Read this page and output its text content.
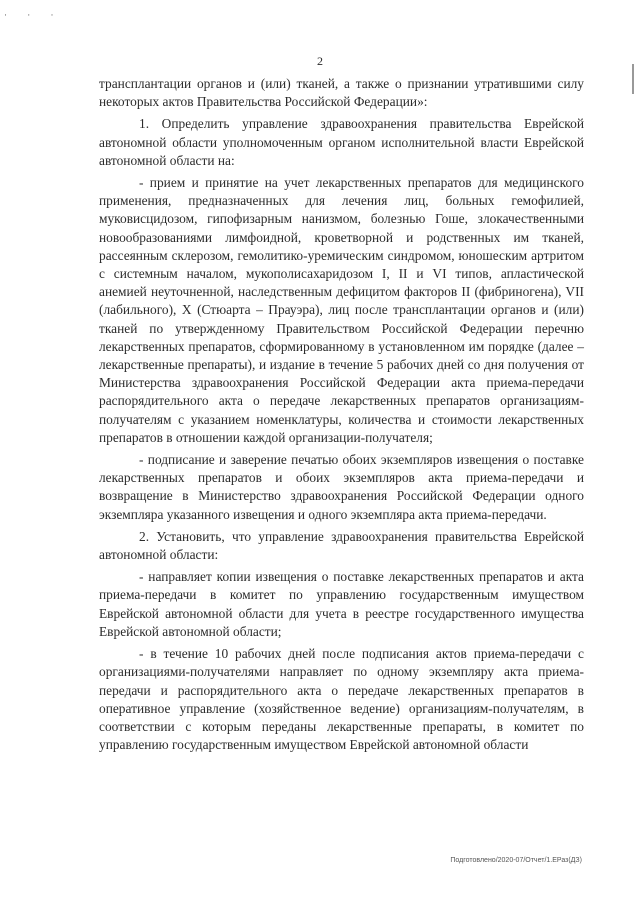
· · ·
2

трансплантации органов и (или) тканей, а также о признании утратившими силу некоторых актов Правительства Российской Федерации»:

1. Определить управление здравоохранения правительства Еврейской автономной области уполномоченным органом исполнительной власти Еврейской автономной области на:

- прием и принятие на учет лекарственных препаратов для медицинского применения, предназначенных для лечения лиц, больных гемофилией, муковисцидозом, гипофизарным нанизмом, болезнью Гоше, злокачественными новообразованиями лимфоидной, кроветворной и родственных им тканей, рассеянным склерозом, гемолитико-уремическим синдромом, юношеским артритом с системным началом, мукополисахаридозом I, II и VI типов, апластической анемией неуточненной, наследственным дефицитом факторов II (фибриногена), VII (лабильного), X (Стюарта – Прауэра), лиц после трансплантации органов и (или) тканей по утвержденному Правительством Российской Федерации перечню лекарственных препаратов, сформированному в установленном им порядке (далее – лекарственные препараты), и издание в течение 5 рабочих дней со дня получения от Министерства здравоохранения Российской Федерации акта приема-передачи распорядительного акта о передаче лекарственных препаратов организациям-получателям с указанием номенклатуры, количества и стоимости лекарственных препаратов в отношении каждой организации-получателя;

- подписание и заверение печатью обоих экземпляров извещения о поставке лекарственных препаратов и обоих экземпляров акта приема-передачи и возвращение в Министерство здравоохранения Российской Федерации одного экземпляра указанного извещения и одного экземпляра акта приема-передачи.

2. Установить, что управление здравоохранения правительства Еврейской автономной области:

- направляет копии извещения о поставке лекарственных препаратов и акта приема-передачи в комитет по управлению государственным имуществом Еврейской автономной области для учета в реестре государственного имущества Еврейской автономной области;

- в течение 10 рабочих дней после подписания актов приема-передачи с организациями-получателями направляет по одному экземпляру акта приема-передачи и распорядительного акта о передаче лекарственных препаратов в оперативное управление (хозяйственное ведение) организациям-получателям, в соответствии с которым переданы лекарственные препараты, в комитет по управлению государственным имуществом Еврейской автономной области

Подготовлено/2020-07/Отчет/1.ЕРаз(ДЗ)
